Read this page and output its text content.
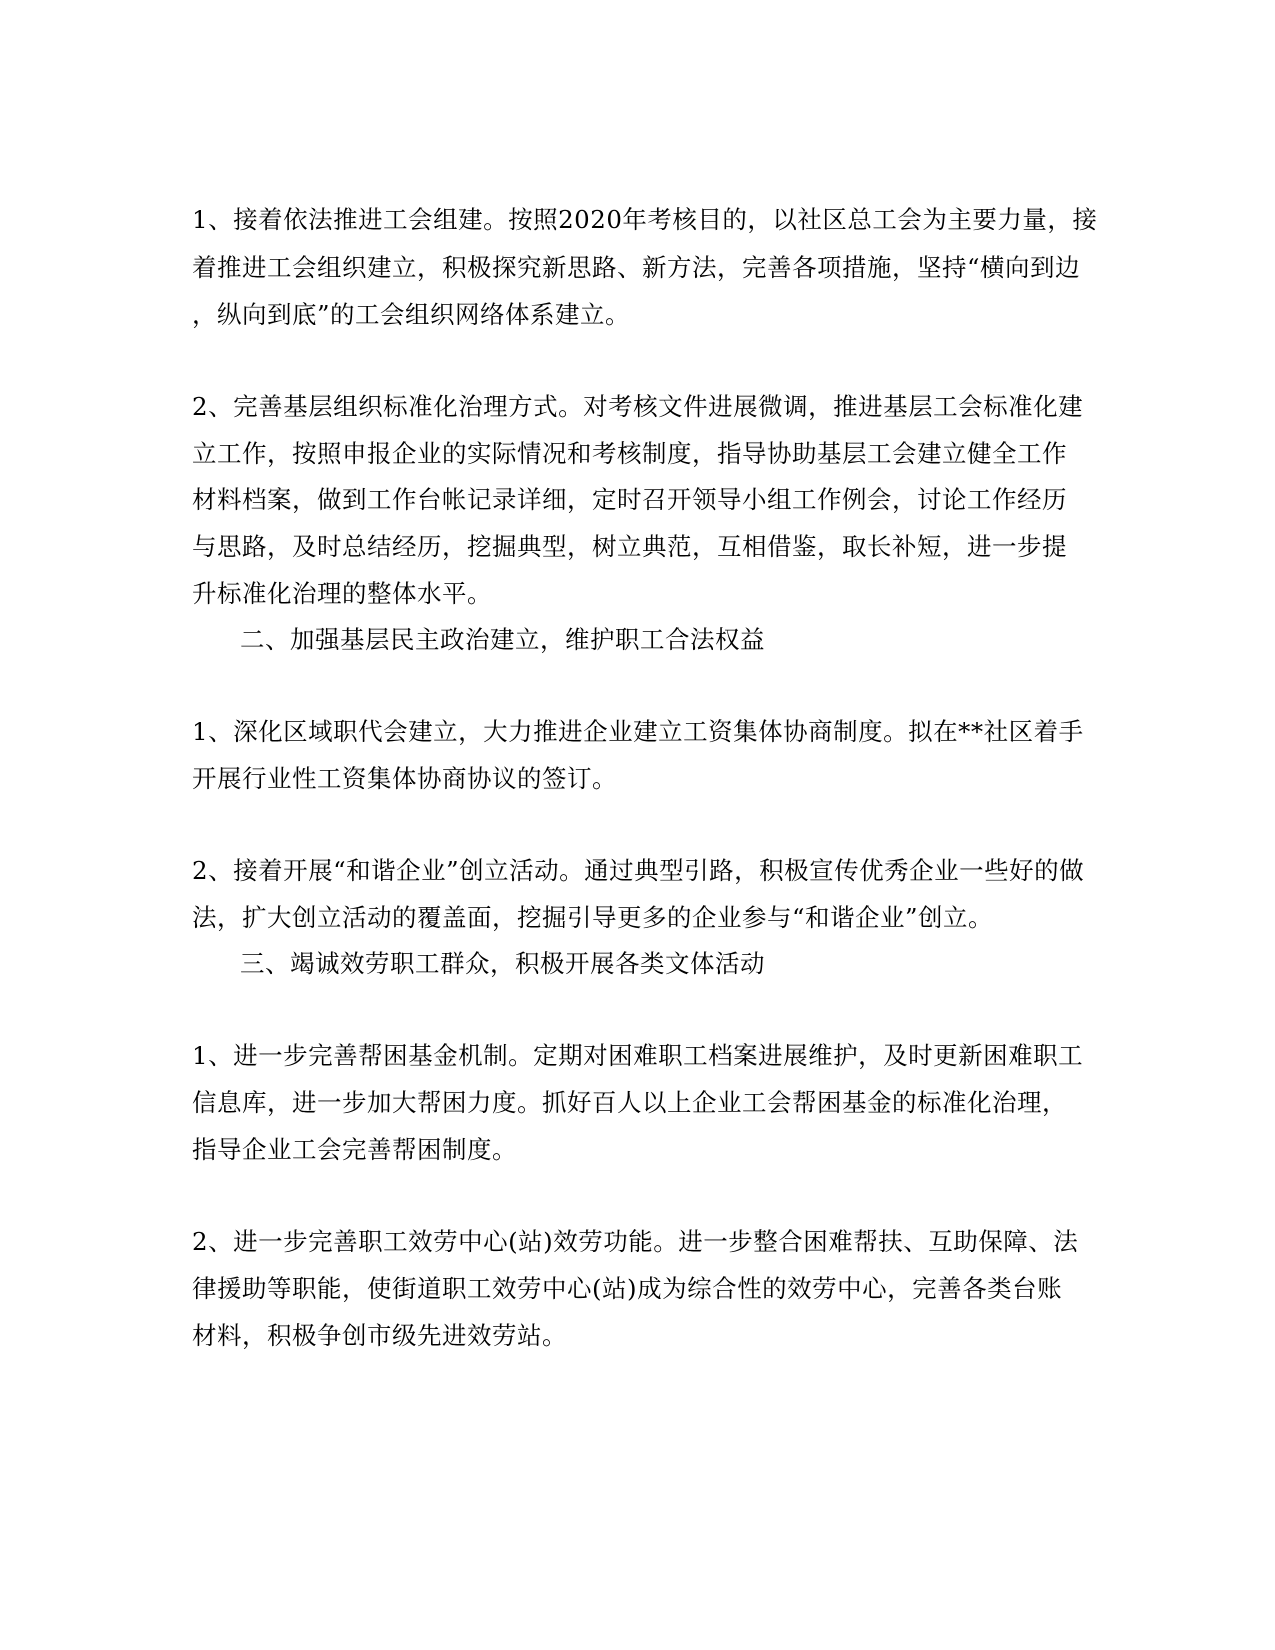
1、接着依法推进工会组建。按照2020年考核目的，以社区总工会为主要力量，接
着推进工会组织建立，积极探究新思路、新方法，完善各项措施，坚持“横向到边
，纵向到底”的工会组织网络体系建立。
2、完善基层组织标准化治理方式。对考核文件进展微调，推进基层工会标准化建
立工作，按照申报企业的实际情况和考核制度，指导协助基层工会建立健全工作
材料档案，做到工作台帐记录详细，定时召开领导小组工作例会，讨论工作经历
与思路，及时总结经历，挖掘典型，树立典范，互相借鉴，取长补短，进一步提
升标准化治理的整体水平。
二、加强基层民主政治建立，维护职工合法权益
1、深化区域职代会建立，大力推进企业建立工资集体协商制度。拟在**社区着手
开展行业性工资集体协商协议的签订。
2、接着开展“和谐企业”创立活动。通过典型引路，积极宣传优秀企业一些好的做
法，扩大创立活动的覆盖面，挖掘引导更多的企业参与“和谐企业”创立。
三、竭诚效劳职工群众，积极开展各类文体活动
1、进一步完善帮困基金机制。定期对困难职工档案进展维护，及时更新困难职工
信息库，进一步加大帮困力度。抓好百人以上企业工会帮困基金的标准化治理，
指导企业工会完善帮困制度。
2、进一步完善职工效劳中心(站)效劳功能。进一步整合困难帮扶、互助保障、法
律援助等职能，使街道职工效劳中心(站)成为综合性的效劳中心，完善各类台账
材料，积极争创市级先进效劳站。
